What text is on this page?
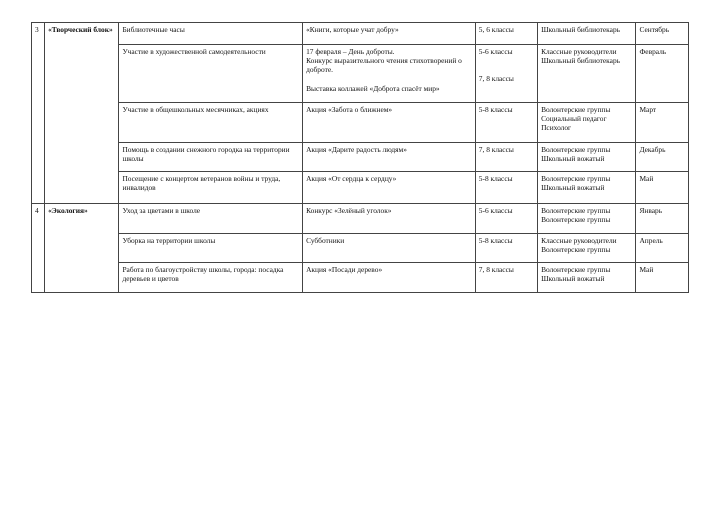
3	«Творческий блок»	Библиотечные часы	«Книги, которые учат добру»	5, 6 классы	Школьный библиотекарь	Сентябрь
		Участие в художественной самодеятельности	17 февраля – День доброты.
Конкурс выразительного чтения стихотворений о доброте.
Выставка коллажей «Доброта спасёт мир»	5-6 классы
7, 8 классы	Классные руководители
Школьный библиотекарь	Февраль
		Участие в общешкольных месячниках, акциях	Акция «Забота о ближнем»	5-8 классы	Волонтерские группы
Социальный педагог
Психолог	Март
		Помощь в создании снежного городка на территории школы	Акция «Дарите радость людям»	7, 8 классы	Волонтерские группы
Школьный вожатый	Декабрь
		Посещение с концертом ветеранов войны и труда, инвалидов	Акция «От сердца к сердцу»	5-8 классы	Волонтерские группы
Школьный вожатый	Май
4	«Экология»	Уход за цветами в школе	Конкурс «Зелёный уголок»	5-6 классы	Волонтерские группы
Волонтерские группы	Январь
		Уборка на территории школы	Субботники	5-8 классы	Классные руководители
Волонтерские группы	Апрель
		Работа по благоустройству школы, города: посадка деревьев и цветов	Акция «Посади дерево»	7, 8 классы	Волонтерские группы
Школьный вожатый	Май
